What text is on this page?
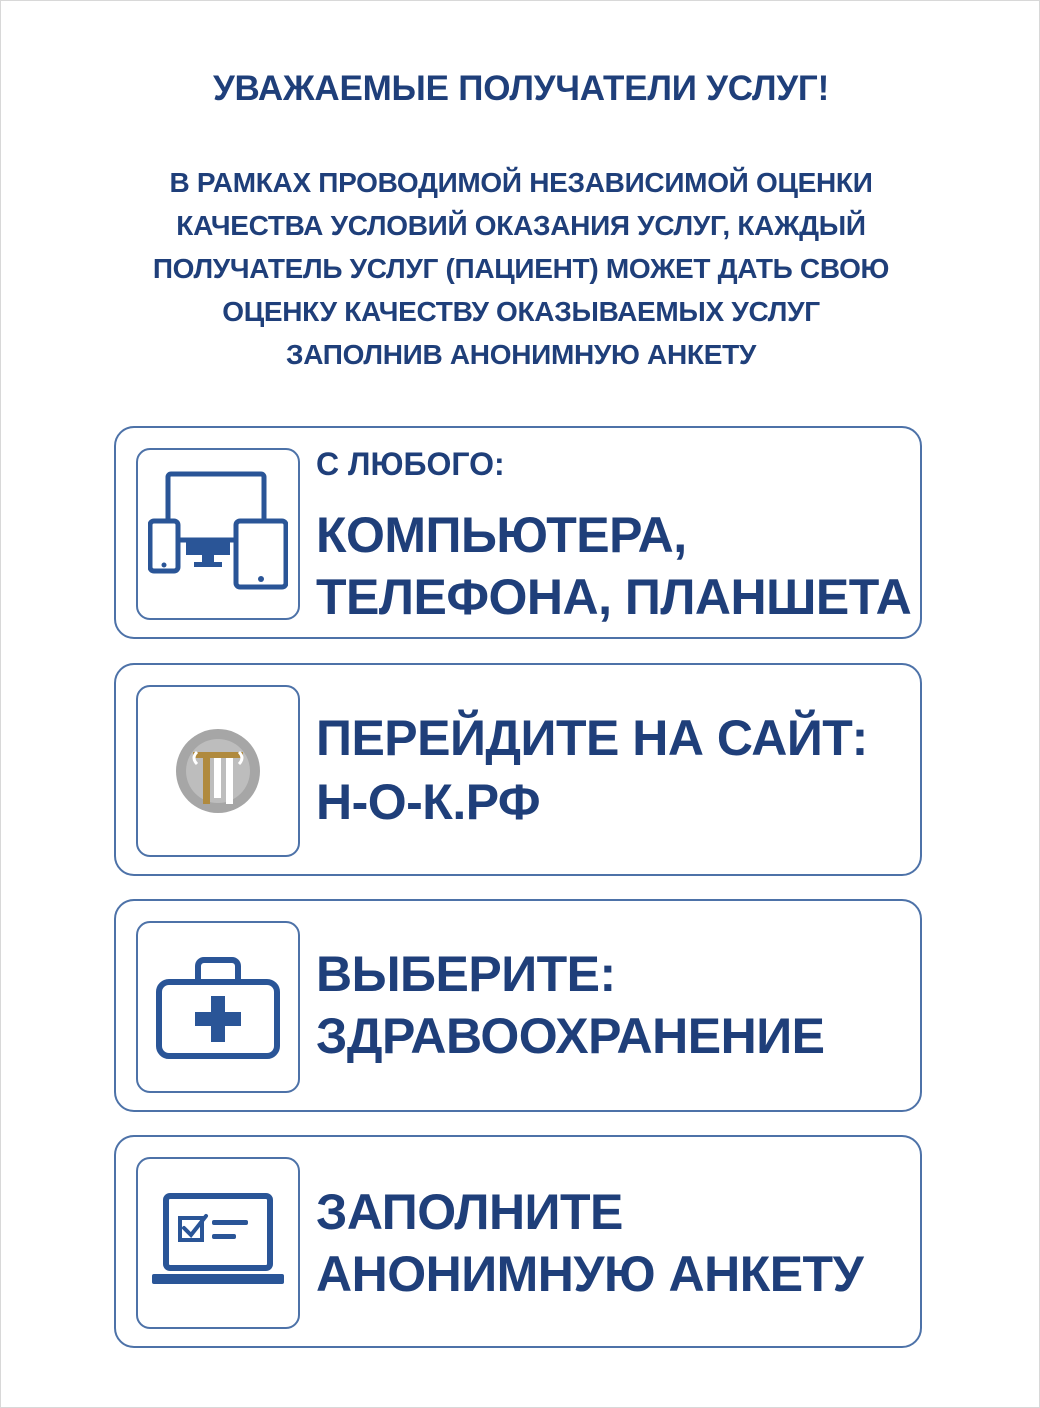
УВАЖАЕМЫЕ ПОЛУЧАТЕЛИ УСЛУГ!
В РАМКАХ ПРОВОДИМОЙ НЕЗАВИСИМОЙ ОЦЕНКИ
КАЧЕСТВА УСЛОВИЙ ОКАЗАНИЯ УСЛУГ, КАЖДЫЙ
ПОЛУЧАТЕЛЬ УСЛУГ (ПАЦИЕНТ) МОЖЕТ ДАТЬ СВОЮ
ОЦЕНКУ КАЧЕСТВУ ОКАЗЫВАЕМЫХ УСЛУГ
ЗАПОЛНИВ АНОНИМНУЮ АНКЕТУ
С ЛЮБОГО:
КОМПЬЮТЕРА,
ТЕЛЕФОНА, ПЛАНШЕТА
ПЕРЕЙДИТЕ НА САЙТ:
Н-О-К.РФ
ВЫБЕРИТЕ:
ЗДРАВООХРАНЕНИЕ
ЗАПОЛНИТЕ
АНОНИМНУЮ АНКЕТУ
